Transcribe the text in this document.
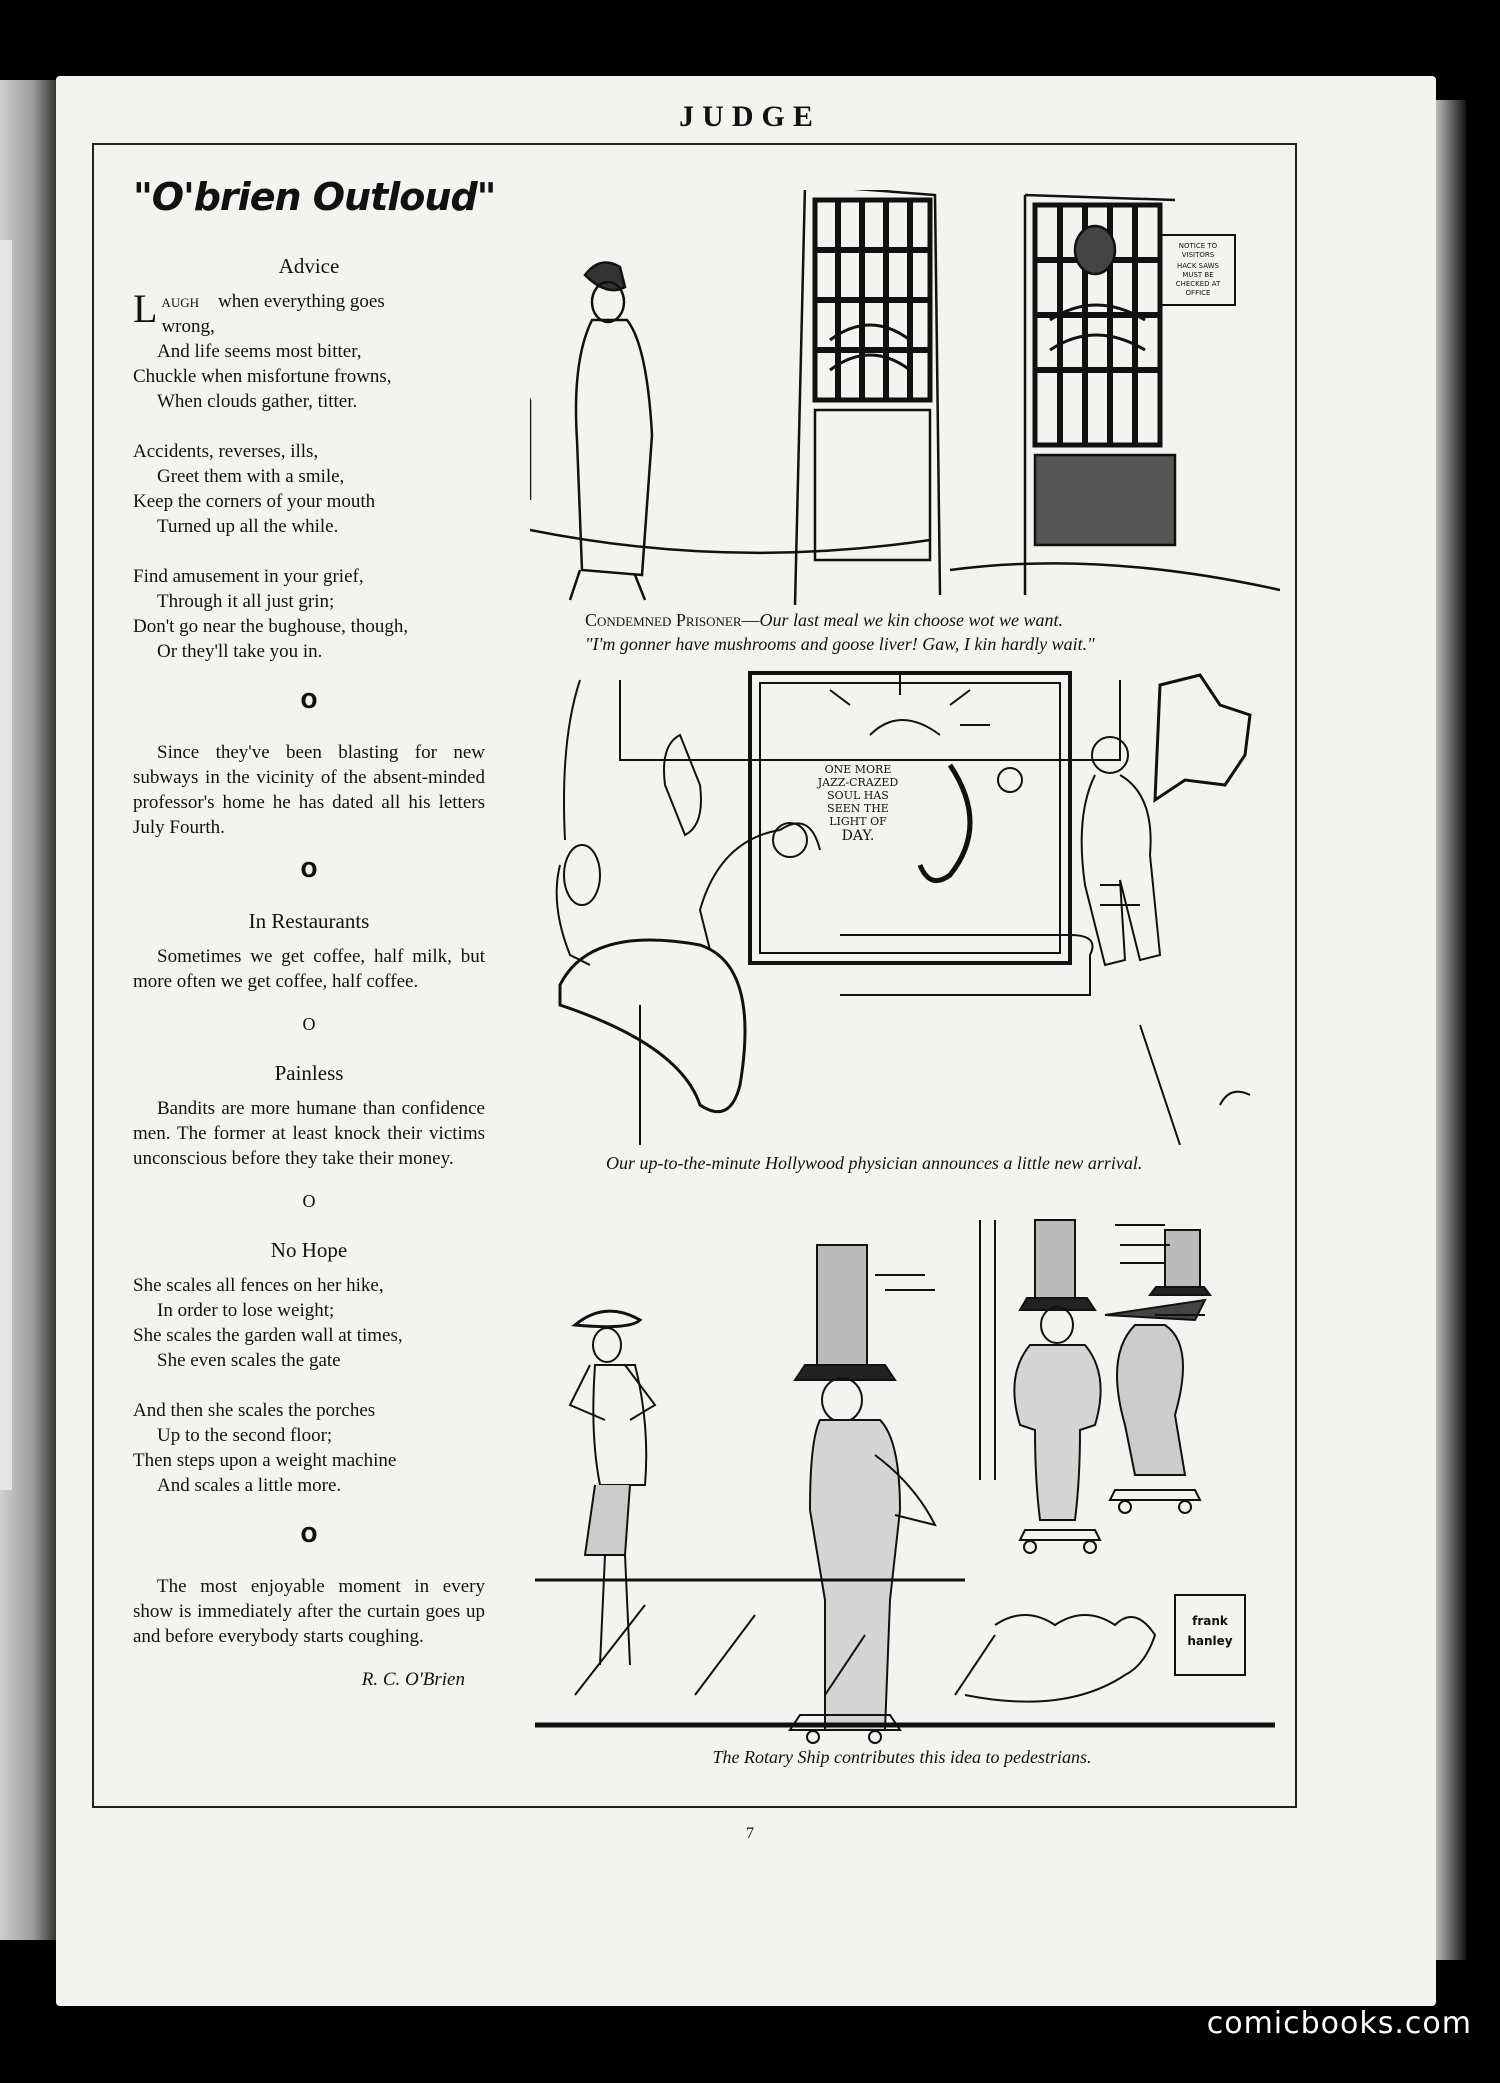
JUDGE
"O'brien Outloud"
Advice

Laugh when everything goes

wrong,

And life seems most bitter,

Chuckle when misfortune frowns,

When clouds gather, titter.

Accidents, reverses, ills,

Greet them with a smile,

Keep the corners of your mouth

Turned up all the while.

Find amusement in your grief,

Through it all just grin;

Don't go near the bughouse, though,

Or they'll take you in.

O

Since they've been blasting for new subways in the vicinity of the absent-minded professor's home he has dated all his letters July Fourth.

O
In Restaurants

Sometimes we get coffee, half milk, but more often we get coffee, half coffee.

O
Painless

Bandits are more humane than confidence men. The former at least knock their victims unconscious before they take their money.

O
No Hope

She scales all fences on her hike,

In order to lose weight;

She scales the garden wall at times,

She even scales the gate

And then she scales the porches

Up to the second floor;

Then steps upon a weight machine

And scales a little more.

O

The most enjoyable moment in every show is immediately after the curtain goes up and before everybody starts coughing.

R. C. O'Brien
NOTICE TO
VISITORS
HACK SAWS
MUST BE
CHECKED AT
OFFICE
Condemned Prisoner—Our last meal we kin choose wot we want.
"I'm gonner have mushrooms and goose liver! Gaw, I kin hardly wait."
ONE MORE
JAZZ-CRAZED
SOUL HAS
SEEN THE
LIGHT OF
DAY.
Our up-to-the-minute Hollywood physician announces a little new arrival.
frank
hanley
The Rotary Ship contributes this idea to pedestrians.
7
comicbooks.com
